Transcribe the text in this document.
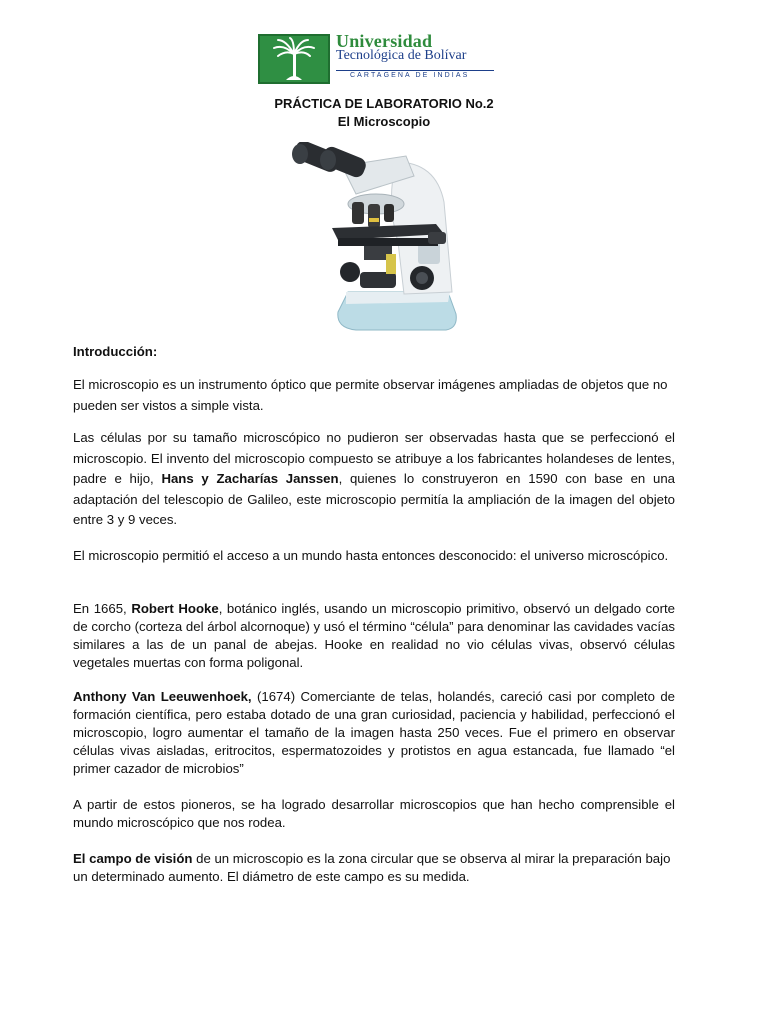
Universidad
Tecnológica de Bolívar
CARTAGENA DE INDIAS
PRÁCTICA DE LABORATORIO No.2
El Microscopio
Introducción:
El microscopio es un instrumento óptico que permite observar imágenes ampliadas de objetos que no pueden ser vistos a simple vista.
Las células por su tamaño microscópico no pudieron ser observadas hasta que se perfeccionó el microscopio. El invento del microscopio compuesto se atribuye a los fabricantes holandeses de lentes, padre e hijo, Hans y Zacharías Janssen, quienes lo construyeron en 1590 con base en una adaptación del telescopio de Galileo, este microscopio permitía la ampliación de la imagen del objeto entre 3 y 9 veces.
El microscopio permitió el acceso a un mundo hasta entonces desconocido: el universo microscópico.
En 1665, Robert Hooke, botánico inglés, usando un microscopio primitivo, observó un delgado corte de corcho (corteza del árbol alcornoque) y usó el término “célula” para denominar las cavidades vacías similares a las de un panal de abejas. Hooke en realidad no vio células vivas, observó células vegetales muertas con forma poligonal.
Anthony Van Leeuwenhoek, (1674) Comerciante de telas, holandés, careció casi por completo de formación científica, pero estaba dotado de una gran curiosidad, paciencia y habilidad, perfeccionó el microscopio, logro aumentar el tamaño de la imagen hasta 250 veces. Fue el primero en observar células vivas aisladas, eritrocitos, espermatozoides y protistos en agua estancada, fue llamado “el primer cazador de microbios”
A partir de estos pioneros, se ha logrado desarrollar microscopios que han hecho comprensible el mundo microscópico que nos rodea.
El campo de visión de un microscopio es la zona circular que se observa al mirar la preparación bajo un determinado aumento. El diámetro de este campo es su medida.
